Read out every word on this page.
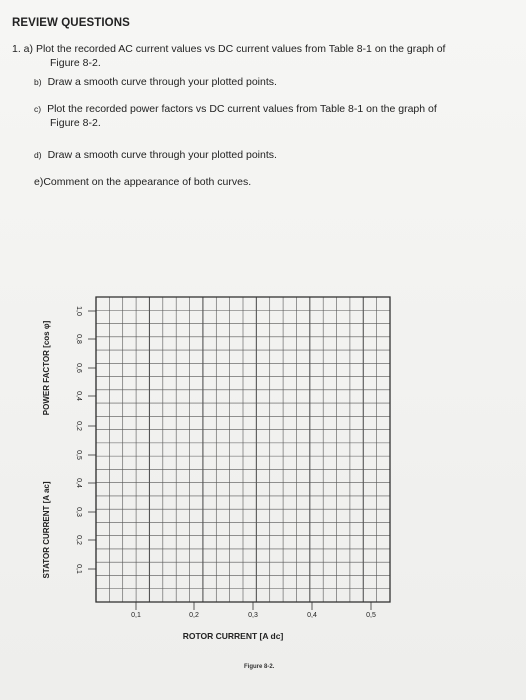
REVIEW QUESTIONS
1. a) Plot the recorded AC current values vs DC current values from Table 8-1 on the graph of
Figure 8-2.
b) Draw a smooth curve through your plotted points.
c) Plot the recorded power factors vs DC current values from Table 8-1 on the graph of
Figure 8-2.
d) Draw a smooth curve through your plotted points.
e)Comment on the appearance of both curves.
1,0
0,8
0,6
0,4
0,2
0,5
0,4
0,3
0,2
0,1
0,1	0,2	0,3	0,4	0,5
POWER FACTOR [cos φ]
STATOR CURRENT [A ac]
ROTOR CURRENT [A dc]
Figure 8-2.
